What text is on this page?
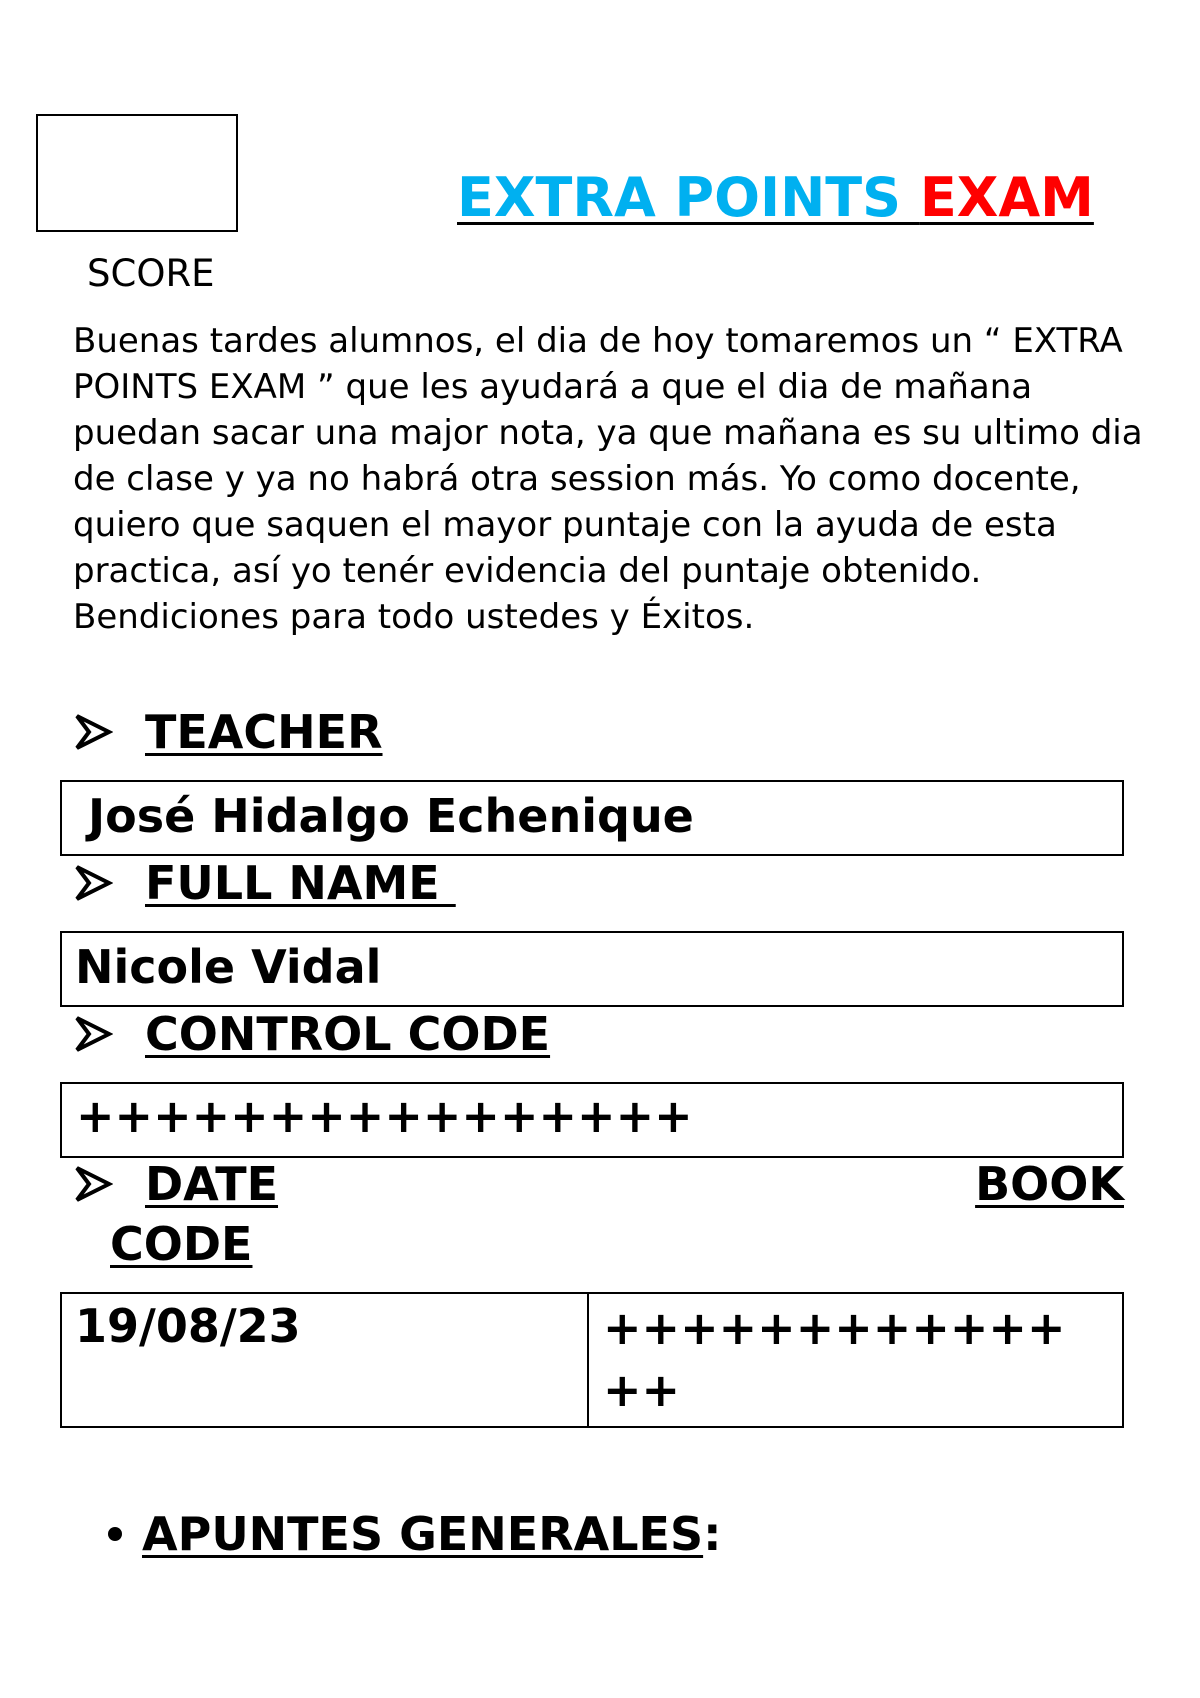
SCORE
EXTRA POINTS EXAM
Buenas tardes alumnos, el dia de hoy tomaremos un “ EXTRA POINTS EXAM ” que les ayudará a que el dia de mañana puedan sacar una major nota, ya que mañana es su ultimo dia de clase y ya no habrá otra session más. Yo como docente, quiero que saquen el mayor puntaje con la ayuda de esta practica, así yo tenér evidencia del puntaje obtenido. Bendiciones para todo ustedes y Éxitos.
TEACHER
José Hidalgo Echenique
FULL NAME
Nicole Vidal
CONTROL CODE
++++++++++++++++
DATE	BOOK
CODE
19/08/23	++++++++++++
++
APUNTES GENERALES:
